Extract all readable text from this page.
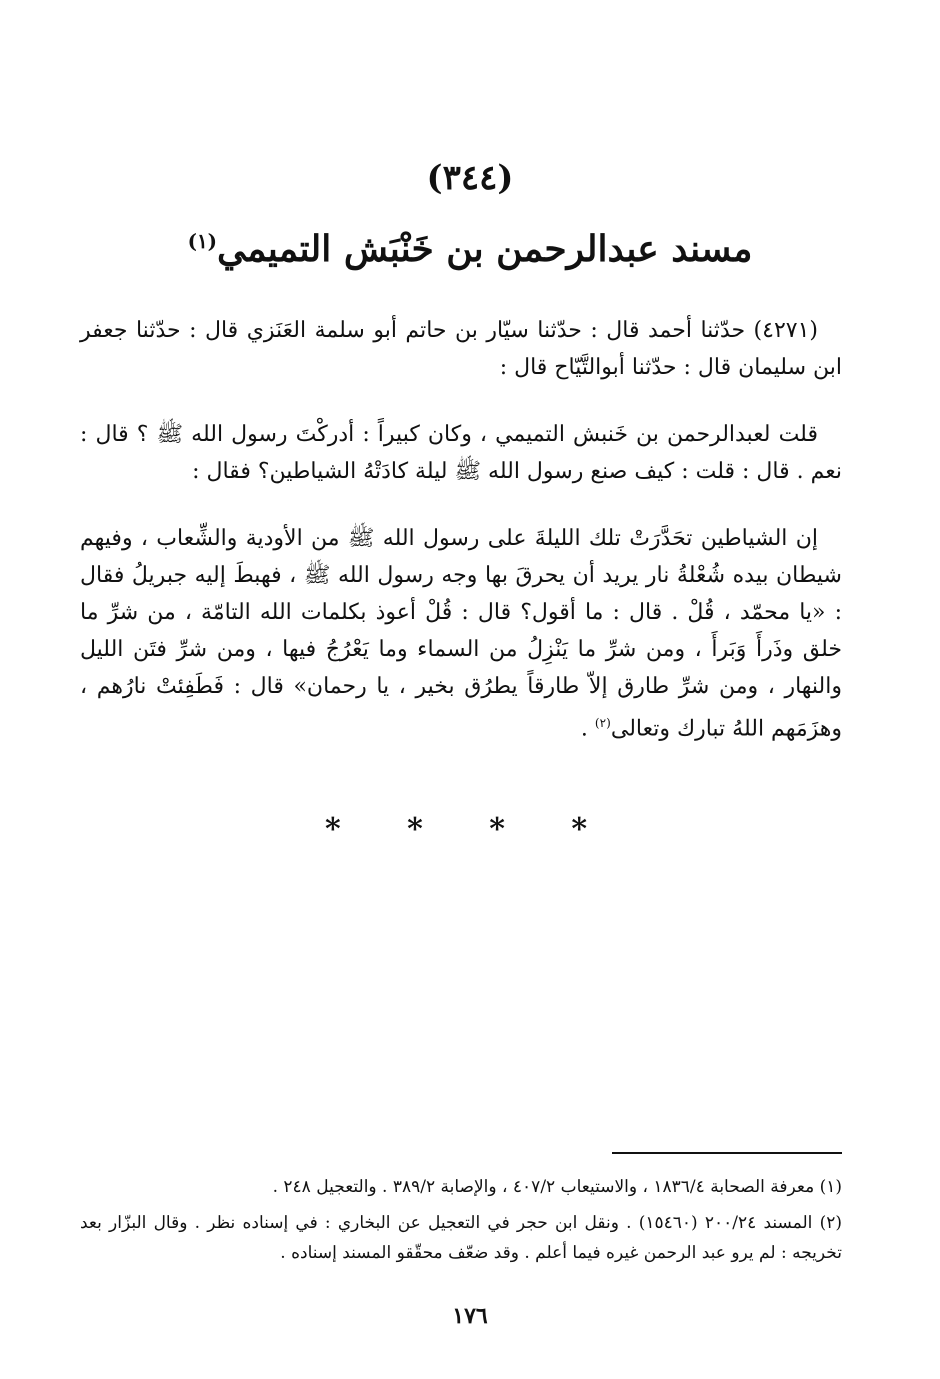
(٣٤٤)
مسند عبدالرحمن بن خَنْبَش التميمي$^{(١)}$
(٤٢٧١) حدّثنا أحمد قال : حدّثنا سيّار بن حاتم أبو سلمة العَنَزي قال : حدّثنا جعفر ابن سليمان قال : حدّثنا أبوالتَّيّاح قال :
قلت لعبدالرحمن بن خَنبش التميمي ، وكان كبيراً : أدركْتَ رسول الله ﷺ ؟ قال : نعم . قال : قلت : كيف صنع رسول الله ﷺ ليلة كادَتْهُ الشياطين؟ فقال :
إن الشياطين تحَدَّرَتْ تلك الليلةَ على رسول الله ﷺ من الأودية والشِّعاب ، وفيهم شيطان بيده شُعْلةُ نار يريد أن يحرقَ بها وجه رسول الله ﷺ ، فهبطَ إليه جبريلُ فقال : «يا محمّد ، قُلْ . قال : ما أقول؟ قال : قُلْ أعوذ بكلمات الله التامّة ، من شرِّ ما خلق وذَرأَ وَبَرأَ ، ومن شرِّ ما يَنْزِلُ من السماء وما يَعْرُجُ فيها ، ومن شرِّ فتَن الليل والنهار ، ومن شرِّ طارق إلاّ طارقاً يطرُق بخير ، يا رحمان» قال : فَطَفِئتْ نارُهم ، وهزَمَهم اللهُ تبارك وتعالى$^{(٢)}$ .
* * * *
(١) معرفة الصحابة ١٨٣٦/٤ ، والاستيعاب ٤٠٧/٢ ، والإصابة ٣٨٩/٢ . والتعجيل ٢٤٨ .
(٢) المسند ٢٠٠/٢٤ (١٥٤٦٠) . ونقل ابن حجر في التعجيل عن البخاري : في إسناده نظر . وقال البزّار بعد تخريجه : لم يرو عبد الرحمن غيره فيما أعلم . وقد ضعّف محقّقو المسند إسناده .
١٧٦
